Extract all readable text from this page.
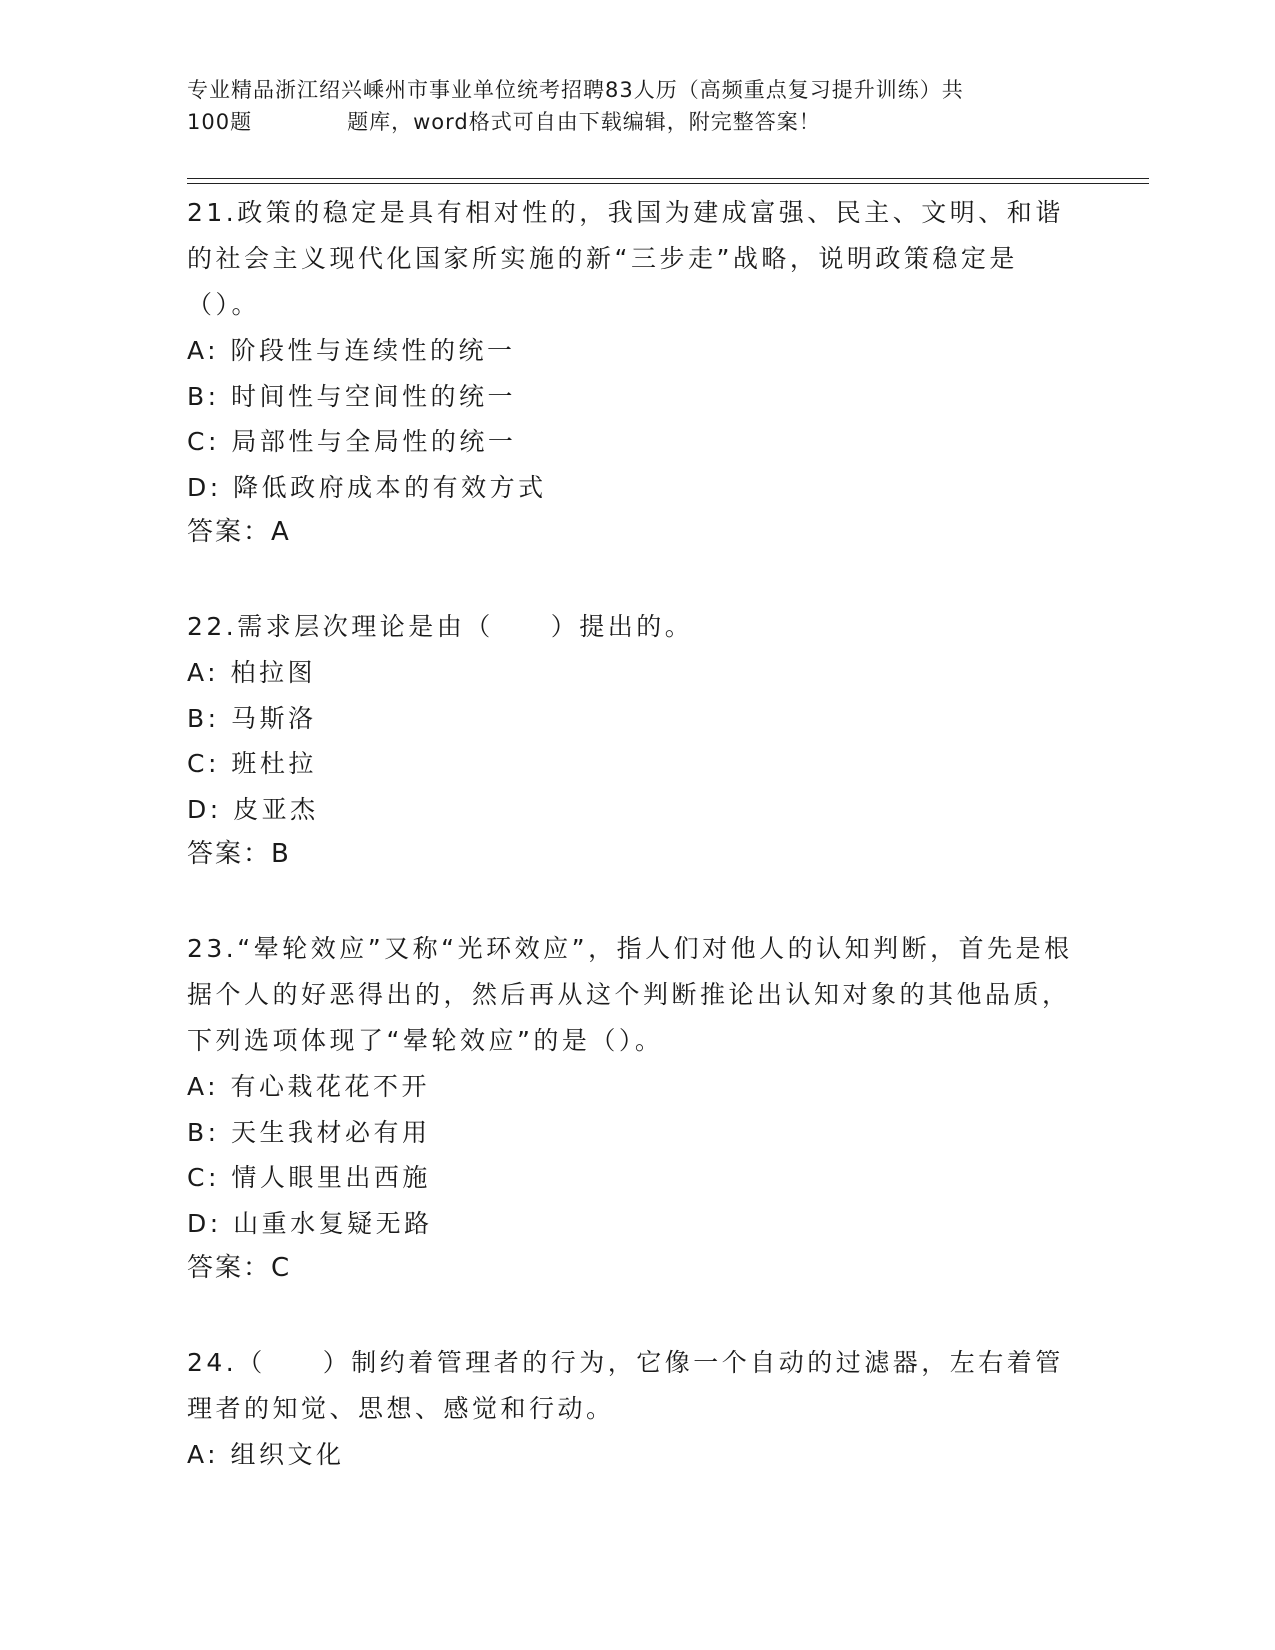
专业精品浙江绍兴嵊州市事业单位统考招聘83人历（高频重点复习提升训练）共
100题	题库，word格式可自由下载编辑，附完整答案！

21.政策的稳定是具有相对性的，我国为建成富强、民主、文明、和谐的社会主义现代化国家所实施的新“三步走”战略，说明政策稳定是（）。

A: 阶段性与连续性的统一

B: 时间性与空间性的统一

C: 局部性与全局性的统一

D: 降低政府成本的有效方式

答案：A

22.需求层次理论是由（　　）提出的。

A: 柏拉图

B: 马斯洛

C: 班杜拉

D: 皮亚杰

答案：B

23.“晕轮效应”又称“光环效应”，指人们对他人的认知判断，首先是根据个人的好恶得出的，然后再从这个判断推论出认知对象的其他品质，下列选项体现了“晕轮效应”的是（）。

A: 有心栽花花不开

B: 天生我材必有用

C: 情人眼里出西施

D: 山重水复疑无路

答案：C

24.（　　）制约着管理者的行为，它像一个自动的过滤器，左右着管理者的知觉、思想、感觉和行动。

A: 组织文化
